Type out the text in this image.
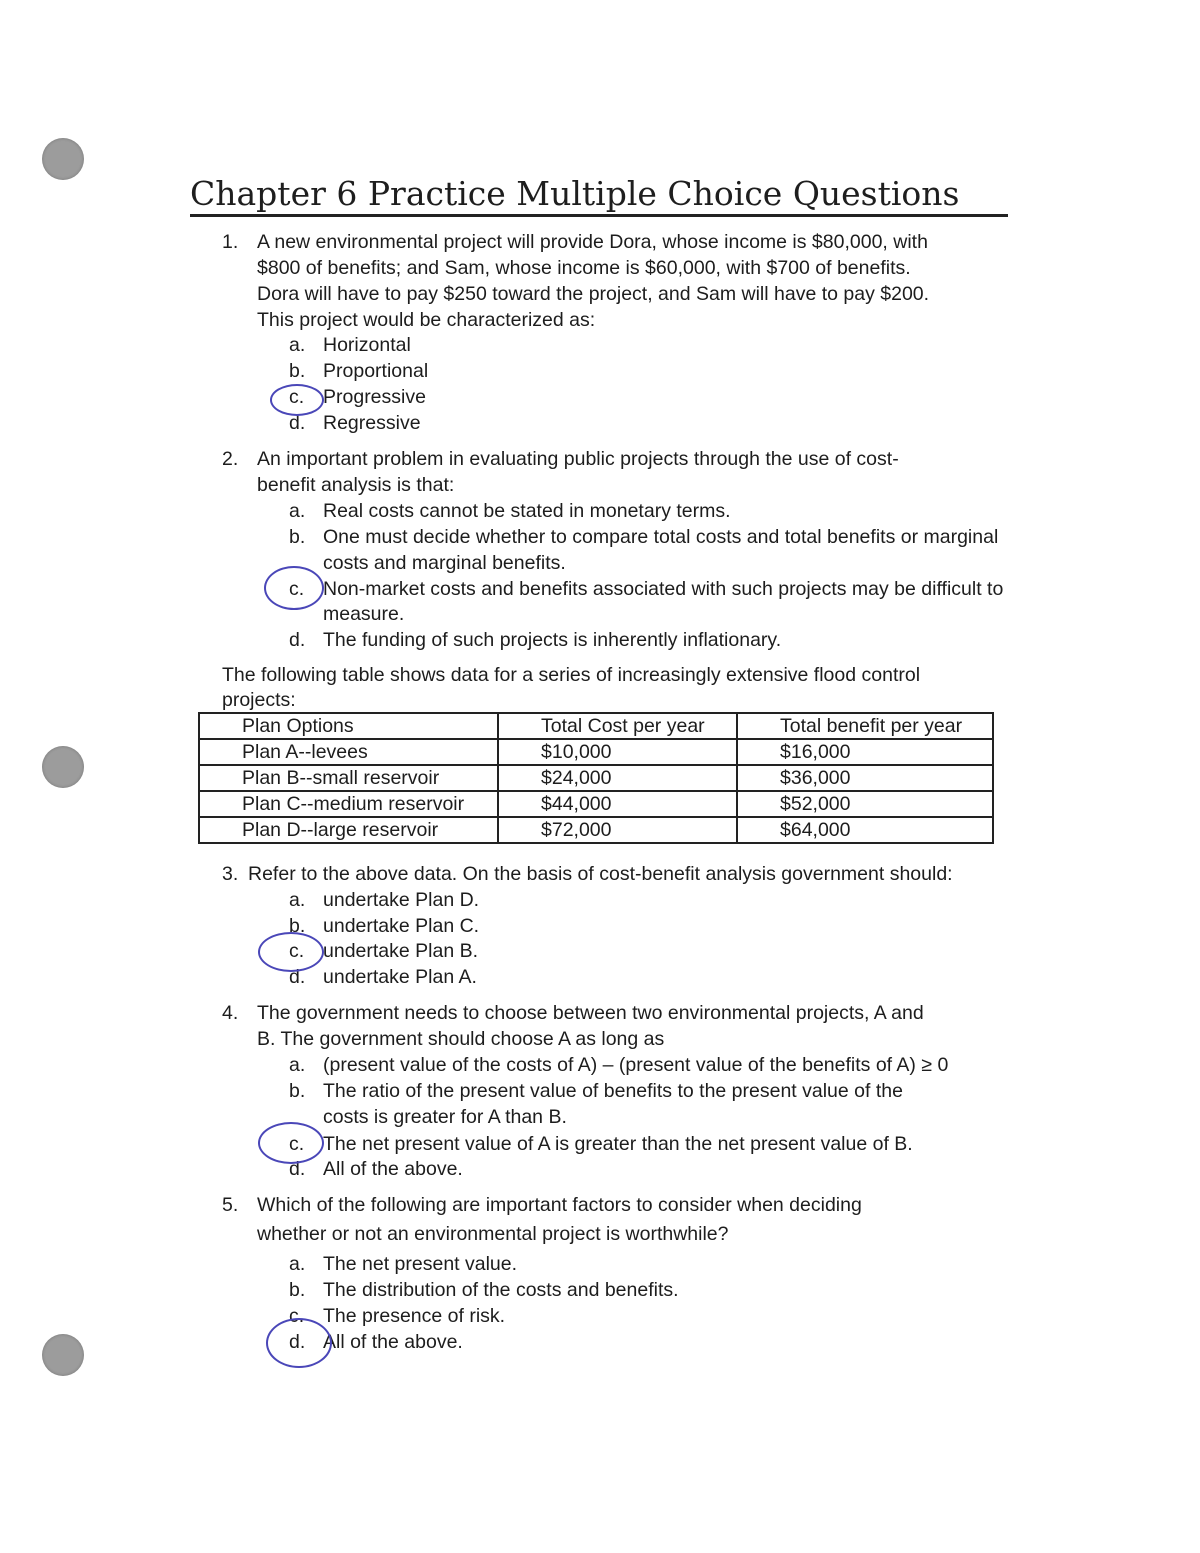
Chapter 6 Practice Multiple Choice Questions
1. A new environmental project will provide Dora, whose income is $80,000, with
$800 of benefits; and Sam, whose income is $60,000, with $700 of benefits.
Dora will have to pay $250 toward the project, and Sam will have to pay $200.
This project would be characterized as:
a. Horizontal
b. Proportional
c. Progressive
d. Regressive
2. An important problem in evaluating public projects through the use of cost-
benefit analysis is that:
a. Real costs cannot be stated in monetary terms.
b. One must decide whether to compare total costs and total benefits or marginal
costs and marginal benefits.
c. Non-market costs and benefits associated with such projects may be difficult to
measure.
d. The funding of such projects is inherently inflationary.
The following table shows data for a series of increasingly extensive flood control
projects:
Plan Options	Total Cost per year	Total benefit per year
Plan A--levees	$10,000	$16,000
Plan B--small reservoir	$24,000	$36,000
Plan C--medium reservoir	$44,000	$52,000
Plan D--large reservoir	$72,000	$64,000
3. Refer to the above data. On the basis of cost-benefit analysis government should:
a. undertake Plan D.
b. undertake Plan C.
c. undertake Plan B.
d. undertake Plan A.
4. The government needs to choose between two environmental projects, A and
B. The government should choose A as long as
a. (present value of the costs of A) – (present value of the benefits of A) ≥ 0
b. The ratio of the present value of benefits to the present value of the
costs is greater for A than B.
c. The net present value of A is greater than the net present value of B.
d. All of the above.
5. Which of the following are important factors to consider when deciding
whether or not an environmental project is worthwhile?
a. The net present value.
b. The distribution of the costs and benefits.
c. The presence of risk.
d. All of the above.
